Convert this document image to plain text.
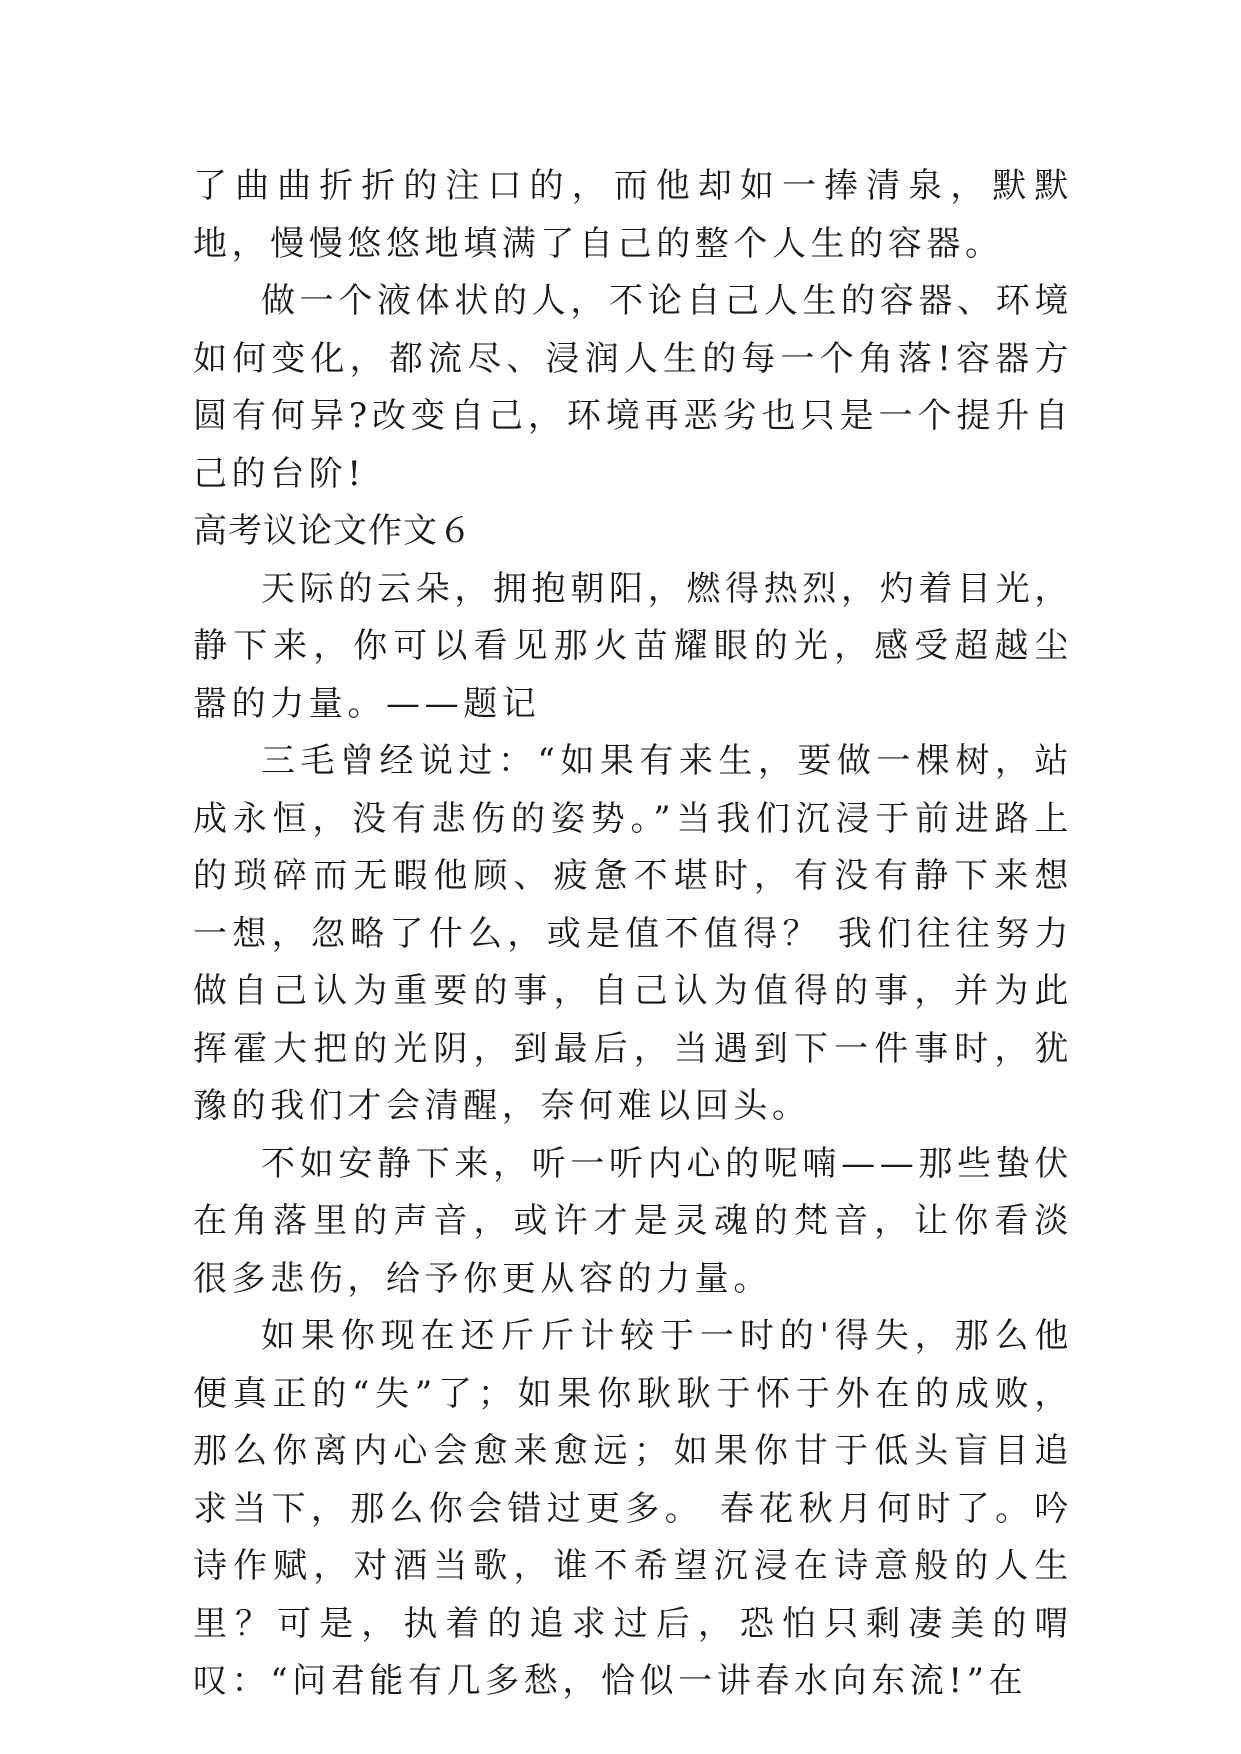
了曲曲折折的注口的，而他却如一捧清泉，默默地，慢慢悠悠地填满了自己的整个人生的容器。

做一个液体状的人，不论自己人生的容器、环境如何变化，都流尽、浸润人生的每一个角落!容器方圆有何异?改变自己，环境再恶劣也只是一个提升自己的台阶!

高考议论文作文６

天际的云朵，拥抱朝阳，燃得热烈，灼着目光，静下来，你可以看见那火苗耀眼的光，感受超越尘嚣的力量。——题记

三毛曾经说过：“如果有来生，要做一棵树，站成永恒，没有悲伤的姿势。”当我们沉浸于前进路上的琐碎而无暇他顾、疲惫不堪时，有没有静下来想一想，忽略了什么，或是值不值得？ 我们往往努力做自己认为重要的事，自己认为值得的事，并为此挥霍大把的光阴，到最后，当遇到下一件事时，犹豫的我们才会清醒，奈何难以回头。

不如安静下来，听一听内心的呢喃——那些蛰伏在角落里的声音，或许才是灵魂的梵音，让你看淡很多悲伤，给予你更从容的力量。

如果你现在还斤斤计较于一时的'得失，那么他便真正的“失”了；如果你耿耿于怀于外在的成败，那么你离内心会愈来愈远；如果你甘于低头盲目追求当下，那么你会错过更多。 春花秋月何时了。吟诗作赋，对酒当歌，谁不希望沉浸在诗意般的人生里？可是，执着的追求过后，恐怕只剩凄美的喟叹：“问君能有几多愁，恰似一讲春水向东流!”在
